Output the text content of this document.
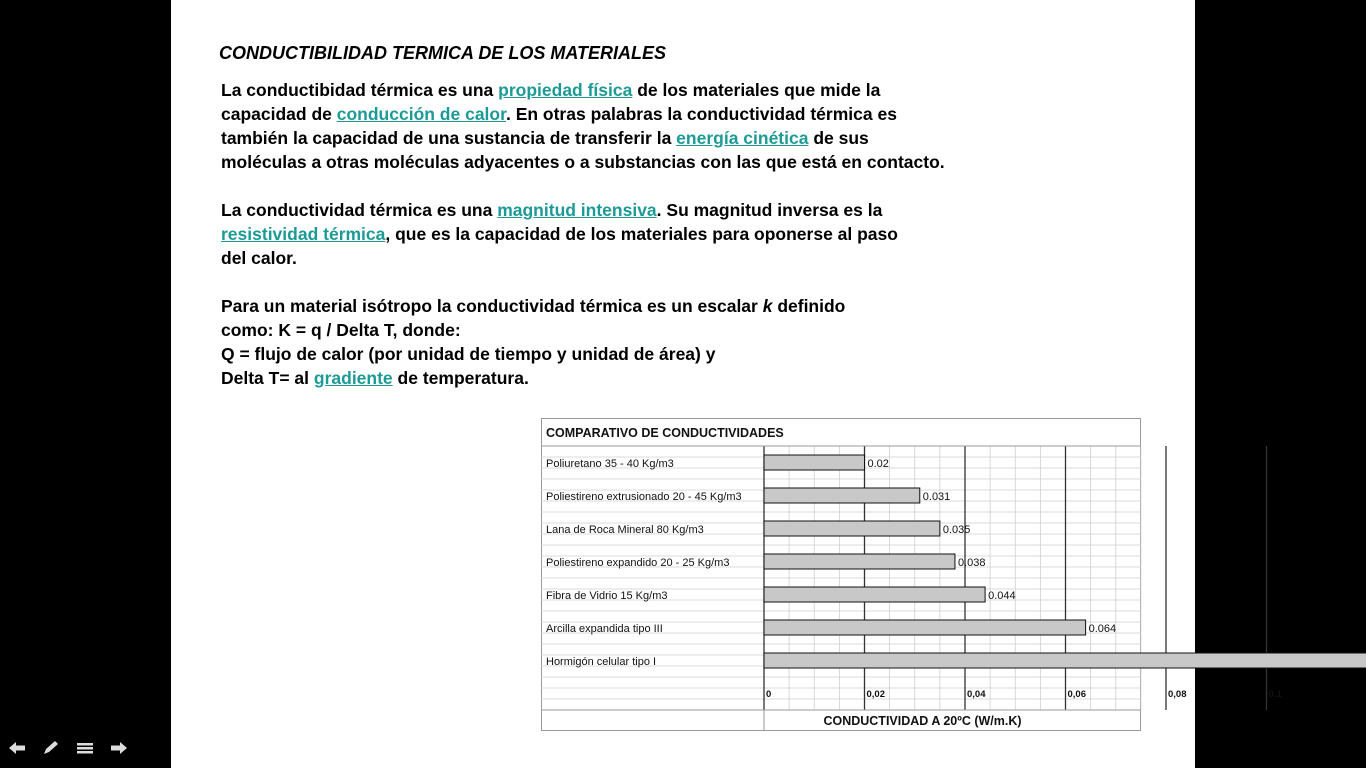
CONDUCTIBILIDAD TERMICA DE LOS MATERIALES

La conductibidad térmica es una propiedad física de los materiales que mide la
capacidad de conducción de calor. En otras palabras la conductividad térmica es
también la capacidad de una sustancia de transferir la energía cinética de sus
moléculas a otras moléculas adyacentes o a substancias con las que está en contacto.

La conductividad térmica es una magnitud intensiva. Su magnitud inversa es la
resistividad térmica, que es la capacidad de los materiales para oponerse al paso
del calor.

Para un material isótropo la conductividad térmica es un escalar k definido
como: K = q / Delta T, donde:
Q = flujo de calor (por unidad de tiempo y unidad de área) y
Delta T= al gradiente de temperatura.

0.02
Poliuretano 35 - 40 Kg/m3
0.031
Poliestireno extrusionado 20 - 45 Kg/m3
0.035
Lana de Roca Mineral 80 Kg/m3
0.038
Poliestireno expandido 20 - 25 Kg/m3
0.044
Fibra de Vidrio 15 Kg/m3
0.064
Arcilla expandida tipo III
Hormigón celular tipo I
COMPARATIVO DE CONDUCTIVIDADES
0	0,02	0,04	0,06	0,08	0.1
CONDUCTIVIDAD A 20ºC (W/m.K)
